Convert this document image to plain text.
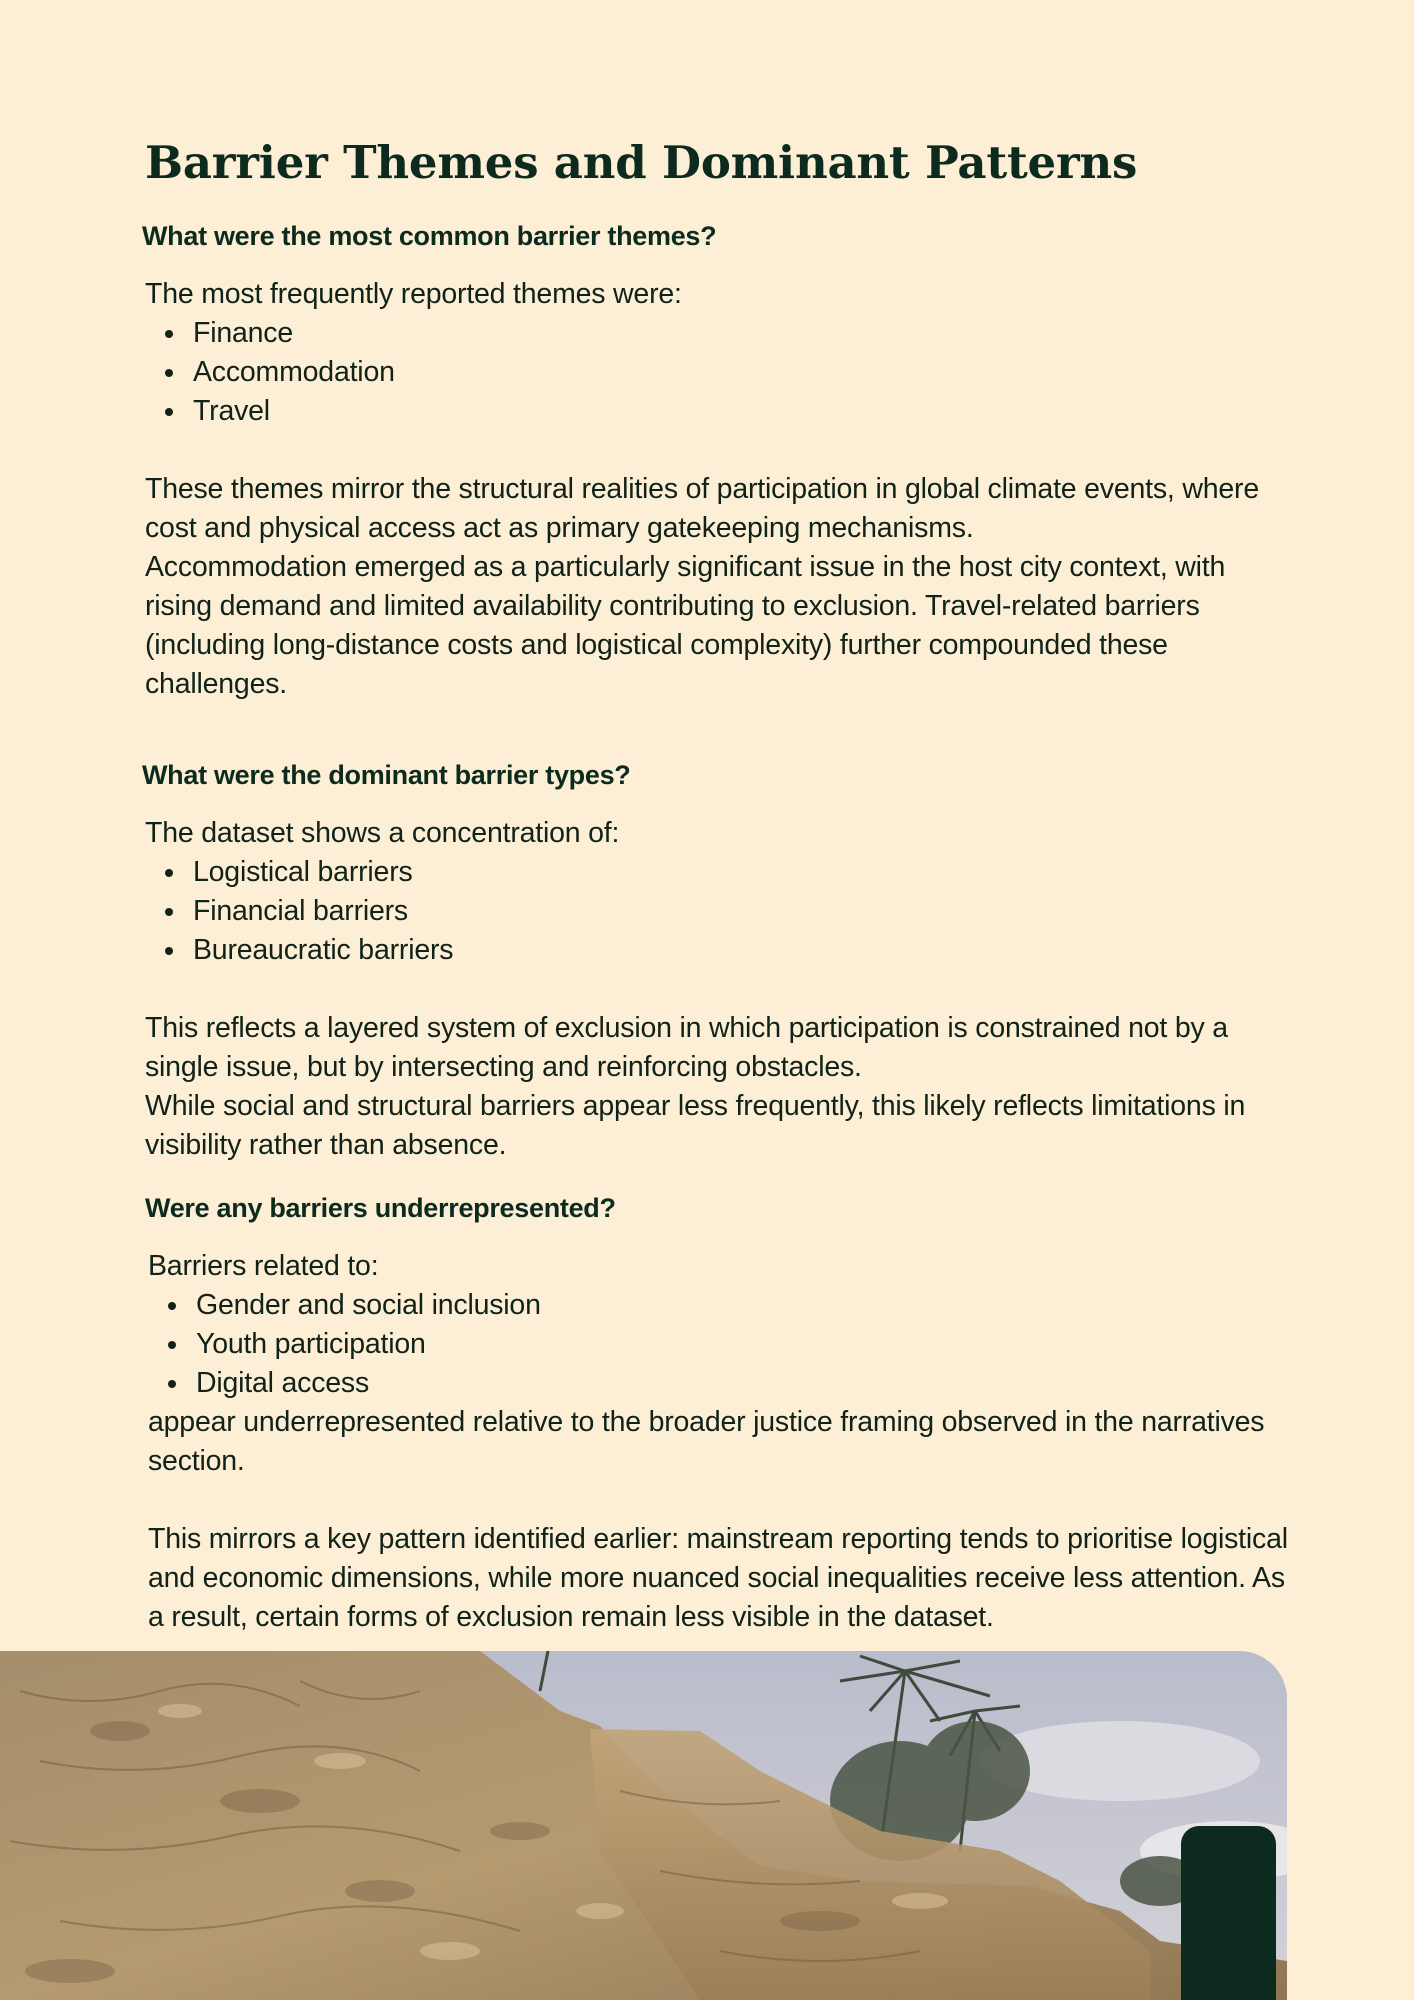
Barrier Themes and Dominant Patterns
What were the most common barrier themes?

The most frequently reported themes were:

Finance
Accommodation
Travel

These themes mirror the structural realities of participation in global climate events, where cost and physical access act as primary gatekeeping mechanisms.

Accommodation emerged as a particularly significant issue in the host city context, with rising demand and limited availability contributing to exclusion. Travel-related barriers (including long-distance costs and logistical complexity) further compounded these challenges.

What were the dominant barrier types?

The dataset shows a concentration of:

Logistical barriers
Financial barriers
Bureaucratic barriers

This reflects a layered system of exclusion in which participation is constrained not by a single issue, but by intersecting and reinforcing obstacles.

While social and structural barriers appear less frequently, this likely reflects limitations in visibility rather than absence.

Were any barriers underrepresented?

Barriers related to:

Gender and social inclusion
Youth participation
Digital access

appear underrepresented relative to the broader justice framing observed in the narratives section.

This mirrors a key pattern identified earlier: mainstream reporting tends to prioritise logistical and economic dimensions, while more nuanced social inequalities receive less attention. As a result, certain forms of exclusion remain less visible in the dataset.
